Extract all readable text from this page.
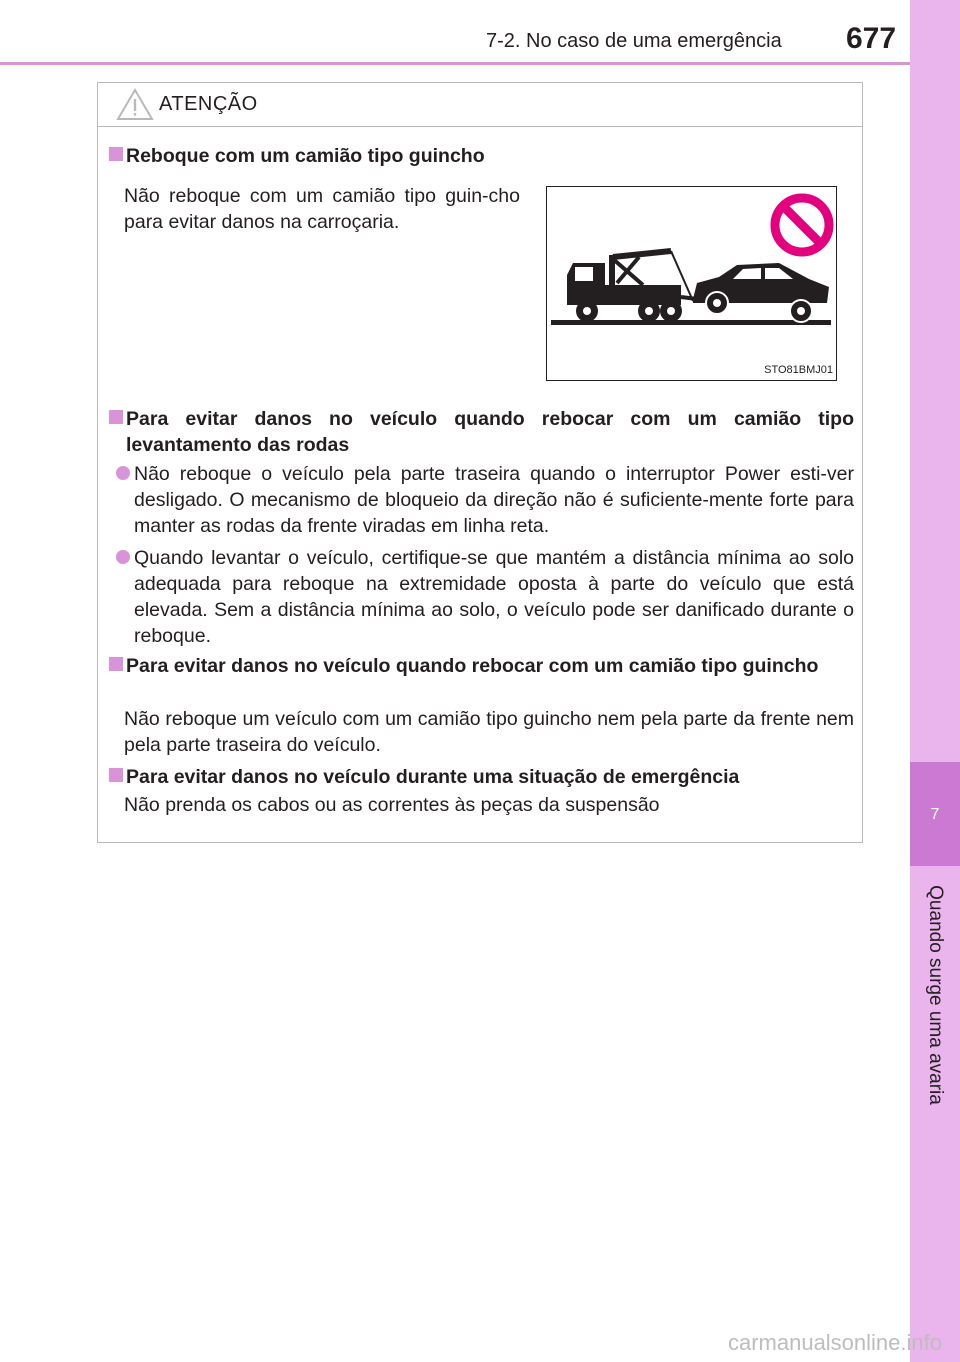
7-2. No caso de uma emergência 677
7
Quando surge uma avaria
ATENÇÃO
Reboque com um camião tipo guincho
Não reboque com um camião tipo guin-cho para evitar danos na carroçaria.
STO81BMJ01
Para evitar danos no veículo quando rebocar com um camião tipo levantamento das rodas
Não reboque o veículo pela parte traseira quando o interruptor Power esti-ver desligado. O mecanismo de bloqueio da direção não é suficiente-mente forte para manter as rodas da frente viradas em linha reta.
Quando levantar o veículo, certifique-se que mantém a distância mínima ao solo adequada para reboque na extremidade oposta à parte do veículo que está elevada. Sem a distância mínima ao solo, o veículo pode ser danificado durante o reboque.
Para evitar danos no veículo quando rebocar com um camião tipo guincho
Não reboque um veículo com um camião tipo guincho nem pela parte da frente nem pela parte traseira do veículo.
Para evitar danos no veículo durante uma situação de emergência
Não prenda os cabos ou as correntes às peças da suspensão
carmanualsonline.info
